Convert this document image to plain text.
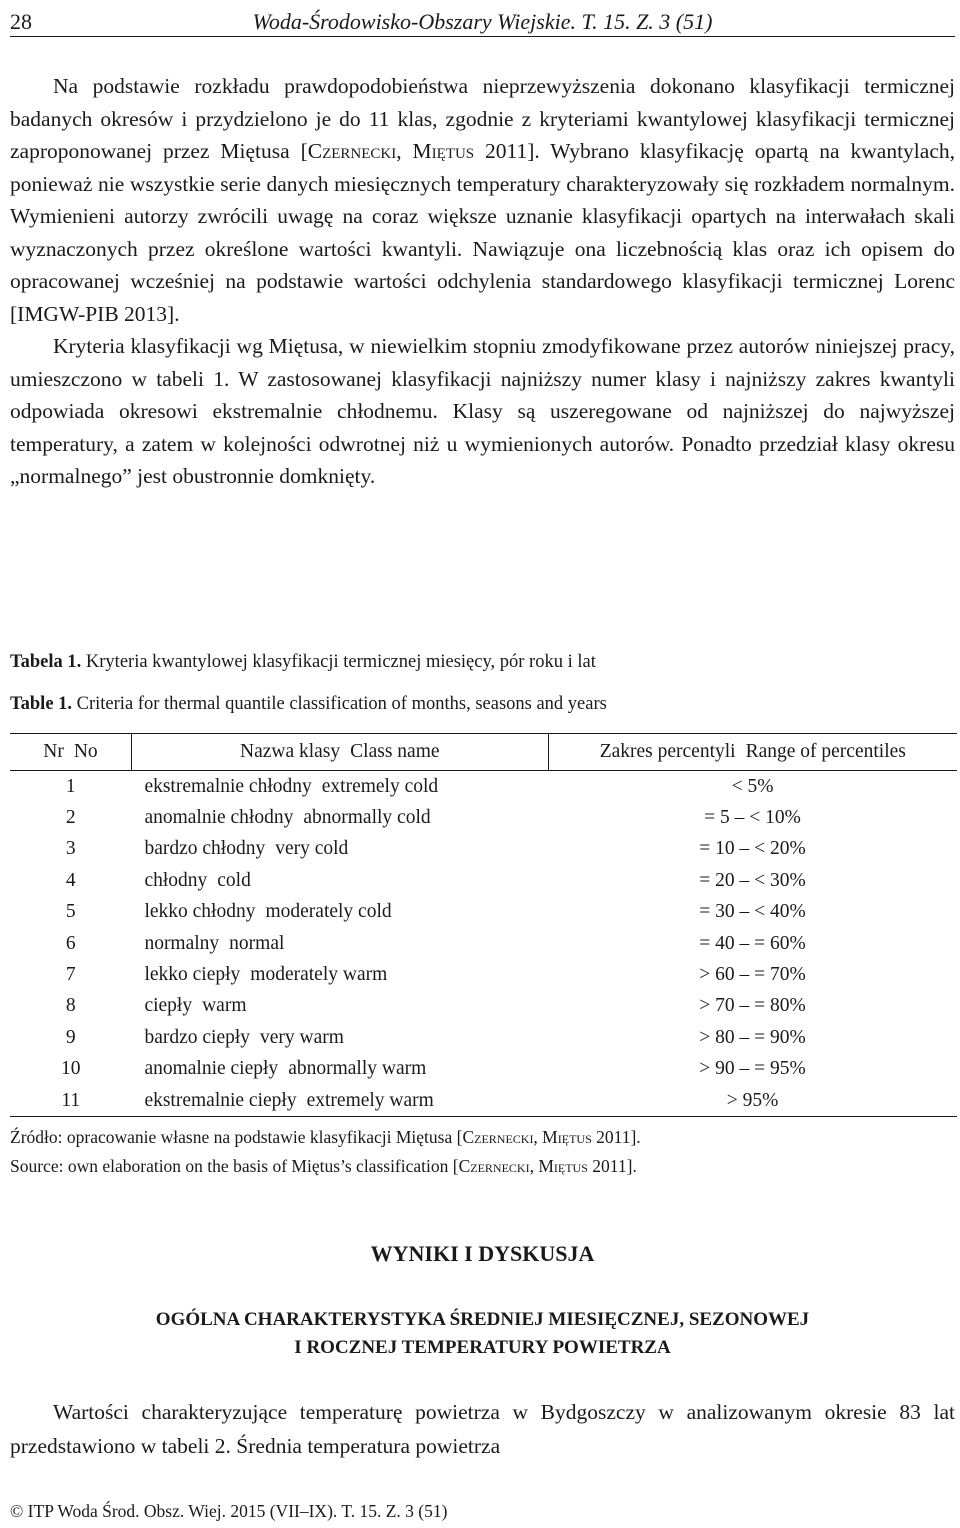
28	Woda-Środowisko-Obszary Wiejskie. T. 15. Z. 3 (51)

Na podstawie rozkładu prawdopodobieństwa nieprzewyższenia dokonano klasyfikacji termicznej badanych okresów i przydzielono je do 11 klas, zgodnie z kryteriami kwantylowej klasyfikacji termicznej zaproponowanej przez Miętusa [Czernecki, Miętus 2011]. Wybrano klasyfikację opartą na kwantylach, ponieważ nie wszystkie serie danych miesięcznych temperatury charakteryzowały się rozkładem normalnym. Wymienieni autorzy zwrócili uwagę na coraz większe uznanie klasyfikacji opartych na interwałach skali wyznaczonych przez określone wartości kwantyli. Nawiązuje ona liczebnością klas oraz ich opisem do opracowanej wcześniej na podstawie wartości odchylenia standardowego klasyfikacji termicznej Lorenc [IMGW-PIB 2013].

Kryteria klasyfikacji wg Miętusa, w niewielkim stopniu zmodyfikowane przez autorów niniejszej pracy, umieszczono w tabeli 1. W zastosowanej klasyfikacji najniższy numer klasy i najniższy zakres kwantyli odpowiada okresowi ekstremalnie chłodnemu. Klasy są uszeregowane od najniższej do najwyższej temperatury, a zatem w kolejności odwrotnej niż u wymienionych autorów. Ponadto przedział klasy okresu „normalnego” jest obustronnie domknięty.

Tabela 1. Kryteria kwantylowej klasyfikacji termicznej miesięcy, pór roku i lat
Table 1. Criteria for thermal quantile classification of months, seasons and years
Nr No	Nazwa klasy Class name	Zakres percentyli Range of percentiles
1	ekstremalnie chłodny extremely cold	< 5%
2	anomalnie chłodny abnormally cold	= 5 – < 10%
3	bardzo chłodny very cold	= 10 – < 20%
4	chłodny cold	= 20 – < 30%
5	lekko chłodny moderately cold	= 30 – < 40%
6	normalny normal	= 40 – = 60%
7	lekko ciepły moderately warm	> 60 – = 70%
8	ciepły warm	> 70 – = 80%
9	bardzo ciepły very warm	> 80 – = 90%
10	anomalnie ciepły abnormally warm	> 90 – = 95%
11	ekstremalnie ciepły extremely warm	> 95%
Źródło: opracowanie własne na podstawie klasyfikacji Miętusa [Czernecki, Miętus 2011].
Source: own elaboration on the basis of Miętus’s classification [Czernecki, Miętus 2011].
WYNIKI I DYSKUSJA
OGÓLNA CHARAKTERYSTYKA ŚREDNIEJ MIESIĘCZNEJ, SEZONOWEJ
I ROCZNEJ TEMPERATURY POWIETRZA

Wartości charakteryzujące temperaturę powietrza w Bydgoszczy w analizowanym okresie 83 lat przedstawiono w tabeli 2. Średnia temperatura powietrza

© ITP Woda Środ. Obsz. Wiej. 2015 (VII–IX). T. 15. Z. 3 (51)
